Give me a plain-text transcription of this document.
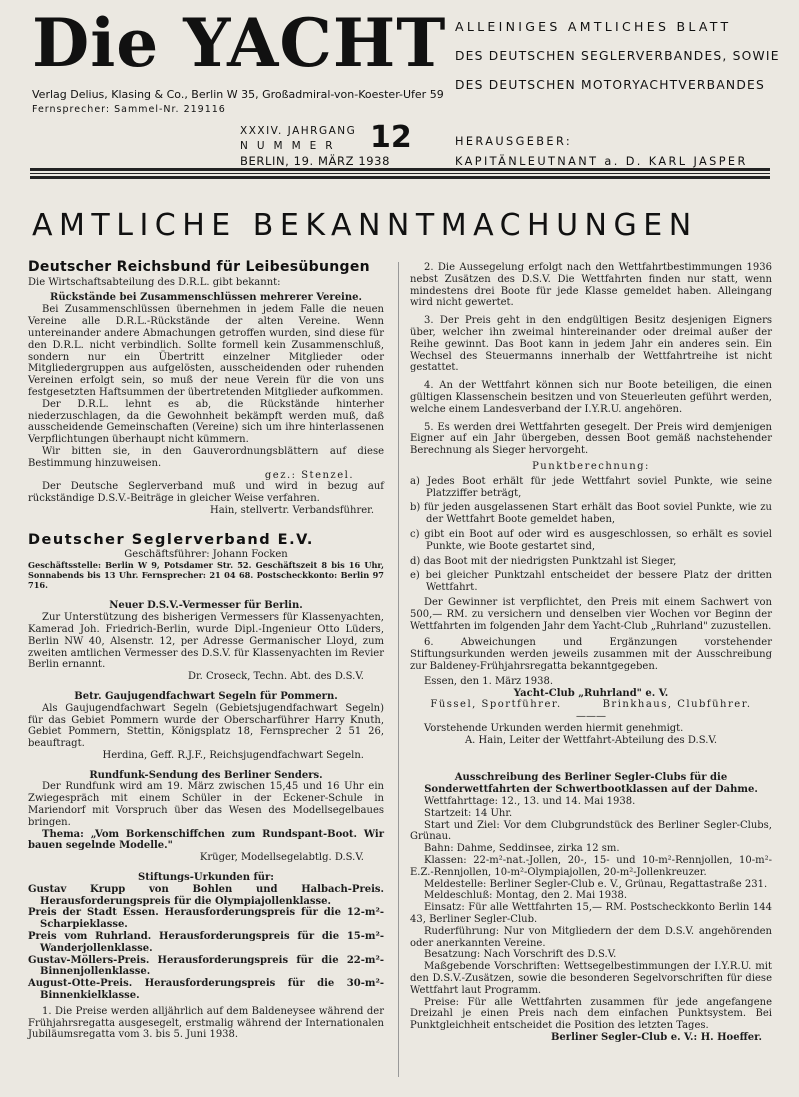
Die YACHT ALLEINIGES AMTLICHES BLATT
DES DEUTSCHEN SEGLERVERBANDES, SOWIE
DES DEUTSCHEN MOTORYACHTVERBANDES
Verlag Delius, Klasing & Co., Berlin W 35, Großadmiral-von-Koester-Ufer 59
Fernsprecher: Sammel-Nr. 219116
XXXIV. JAHRGANG
NUMMER
BERLIN, 19. MÄRZ 1938
12	HERAUSGEBER:
KAPITÄNLEUTNANT a. D. KARL JASPER
AMTLICHE BEKANNTMACHUNGEN
Deutscher Reichsbund für Leibesübungen

Die Wirtschaftsabteilung des D.R.L. gibt bekannt:

Rückstände bei Zusammenschlüssen mehrerer Vereine.

Bei Zusammenschlüssen übernehmen in jedem Falle die neuen Vereine alle D.R.L.-Rückstände der alten Vereine. Wenn untereinander andere Abmachungen getroffen wurden, sind diese für den D.R.L. nicht verbindlich. Sollte formell kein Zusammenschluß, sondern nur ein Übertritt einzelner Mitglieder oder Mitgliedergruppen aus aufgelösten, ausscheidenden oder ruhenden Vereinen erfolgt sein, so muß der neue Verein für die von uns festgesetzten Haftsummen der übertretenden Mitglieder aufkommen.

Der D.R.L. lehnt es ab, die Rückstände hinterher niederzuschlagen, da die Gewohnheit bekämpft werden muß, daß ausscheidende Gemeinschaften (Vereine) sich um ihre hinterlassenen Verpflichtungen überhaupt nicht kümmern.

Wir bitten sie, in den Gauverordnungsblättern auf diese Bestimmung hinzuweisen.

gez.: Stenzel.

Der Deutsche Seglerverband muß und wird in bezug auf rückständige D.S.V.-Beiträge in gleicher Weise verfahren.

Hain, stellvertr. Verbandsführer.

Deutscher Seglerverband E.V.

Geschäftsführer: Johann Focken

Geschäftsstelle: Berlin W 9, Potsdamer Str. 52. Geschäftszeit 8 bis 16 Uhr, Sonnabends bis 13 Uhr. Fernsprecher: 21 04 68. Postscheckkonto: Berlin 97 716.

Neuer D.S.V.-Vermesser für Berlin.

Zur Unterstützung des bisherigen Vermessers für Klassenyachten, Kamerad Joh. Friedrich-Berlin, wurde Dipl.-Ingenieur Otto Lüders, Berlin NW 40, Alsenstr. 12, per Adresse Germanischer Lloyd, zum zweiten amtlichen Vermesser des D.S.V. für Klassenyachten im Revier Berlin ernannt.

Dr. Croseck, Techn. Abt. des D.S.V.

Betr. Gaujugendfachwart Segeln für Pommern.

Als Gaujugendfachwart Segeln (Gebietsjugendfachwart Segeln) für das Gebiet Pommern wurde der Oberscharführer Harry Knuth, Gebiet Pommern, Stettin, Königsplatz 18, Fernsprecher 2 51 26, beauftragt.

Herdina, Geff. R.J.F., Reichsjugendfachwart Segeln.

Rundfunk-Sendung des Berliner Senders.

Der Rundfunk wird am 19. März zwischen 15,45 und 16 Uhr ein Zwiegespräch mit einem Schüler in der Eckener-Schule in Mariendorf mit Vorspruch über das Wesen des Modellsegelbaues bringen.

Thema: „Vom Borkenschiffchen zum Rundspant-Boot. Wir bauen segelnde Modelle."

Krüger, Modellsegelabtlg. D.S.V.

Stiftungs-Urkunden für:

Gustav Krupp von Bohlen und Halbach-Preis. Herausforderungspreis für die Olympiajollenklasse.

Preis der Stadt Essen. Herausforderungspreis für die 12-m²-Scharpieklasse.

Preis vom Ruhrland. Herausforderungspreis für die 15-m²-Wanderjollenklasse.

Gustav-Möllers-Preis. Herausforderungspreis für die 22-m²-Binnenjollenklasse.

August-Otte-Preis. Herausforderungspreis für die 30-m²-Binnenkielklasse.

1. Die Preise werden alljährlich auf dem Baldeneysee während der Frühjahrsregatta ausgesegelt, erstmalig während der Internationalen Jubiläumsregatta vom 3. bis 5. Juni 1938.

2. Die Aussegelung erfolgt nach den Wettfahrtbestimmungen 1936 nebst Zusätzen des D.S.V. Die Wettfahrten finden nur statt, wenn mindestens drei Boote für jede Klasse gemeldet haben. Alleingang wird nicht gewertet.

3. Der Preis geht in den endgültigen Besitz desjenigen Eigners über, welcher ihn zweimal hintereinander oder dreimal außer der Reihe gewinnt. Das Boot kann in jedem Jahr ein anderes sein. Ein Wechsel des Steuermanns innerhalb der Wettfahrtreihe ist nicht gestattet.

4. An der Wettfahrt können sich nur Boote beteiligen, die einen gültigen Klassenschein besitzen und von Steuerleuten geführt werden, welche einem Landesverband der I.Y.R.U. angehören.

5. Es werden drei Wettfahrten gesegelt. Der Preis wird demjenigen Eigner auf ein Jahr übergeben, dessen Boot gemäß nachstehender Berechnung als Sieger hervorgeht.

Punktberechnung:

a) Jedes Boot erhält für jede Wettfahrt soviel Punkte, wie seine Platzziffer beträgt,

b) für jeden ausgelassenen Start erhält das Boot soviel Punkte, wie zu der Wettfahrt Boote gemeldet haben,

c) gibt ein Boot auf oder wird es ausgeschlossen, so erhält es soviel Punkte, wie Boote gestartet sind,

d) das Boot mit der niedrigsten Punktzahl ist Sieger,

e) bei gleicher Punktzahl entscheidet der bessere Platz der dritten Wettfahrt.

Der Gewinner ist verpflichtet, den Preis mit einem Sachwert von 500,— RM. zu versichern und denselben vier Wochen vor Beginn der Wettfahrten im folgenden Jahr dem Yacht-Club „Ruhrland" zuzustellen.

6. Abweichungen und Ergänzungen vorstehender Stiftungsurkunden werden jeweils zusammen mit der Ausschreibung zur Baldeney-Frühjahrsregatta bekanntgegeben.

Essen, den 1. März 1938.

Yacht-Club „Ruhrland" e. V.

Füssel, Sportführer.	Brinkhaus, Clubführer.

———

Vorstehende Urkunden werden hiermit genehmigt.

A. Hain, Leiter der Wettfahrt-Abteilung des D.S.V.

Ausschreibung des Berliner Segler-Clubs für die Sonderwettfahrten der Schwertbootklassen auf der Dahme.

Wettfahrttage: 12., 13. und 14. Mai 1938.

Startzeit: 14 Uhr.

Start und Ziel: Vor dem Clubgrundstück des Berliner Segler-Clubs, Grünau.

Bahn: Dahme, Seddinsee, zirka 12 sm.

Klassen: 22-m²-nat.-Jollen, 20-, 15- und 10-m²-Rennjollen, 10-m²-E.Z.-Rennjollen, 10-m²-Olympiajollen, 20-m²-Jollenkreuzer.

Meldestelle: Berliner Segler-Club e. V., Grünau, Regattastraße 231.

Meldeschluß: Montag, den 2. Mai 1938.

Einsatz: Für alle Wettfahrten 15,— RM. Postscheckkonto Berlin 144 43, Berliner Segler-Club.

Ruderführung: Nur von Mitgliedern der dem D.S.V. angehörenden oder anerkannten Vereine.

Besatzung: Nach Vorschrift des D.S.V.

Maßgebende Vorschriften: Wettsegelbestimmungen der I.Y.R.U. mit den D.S.V.-Zusätzen, sowie die besonderen Segelvorschriften für diese Wettfahrt laut Programm.

Preise: Für alle Wettfahrten zusammen für jede angefangene Dreizahl je einen Preis nach dem einfachen Punktsystem. Bei Punktgleichheit entscheidet die Position des letzten Tages.

Berliner Segler-Club e. V.: H. Hoeffer.
